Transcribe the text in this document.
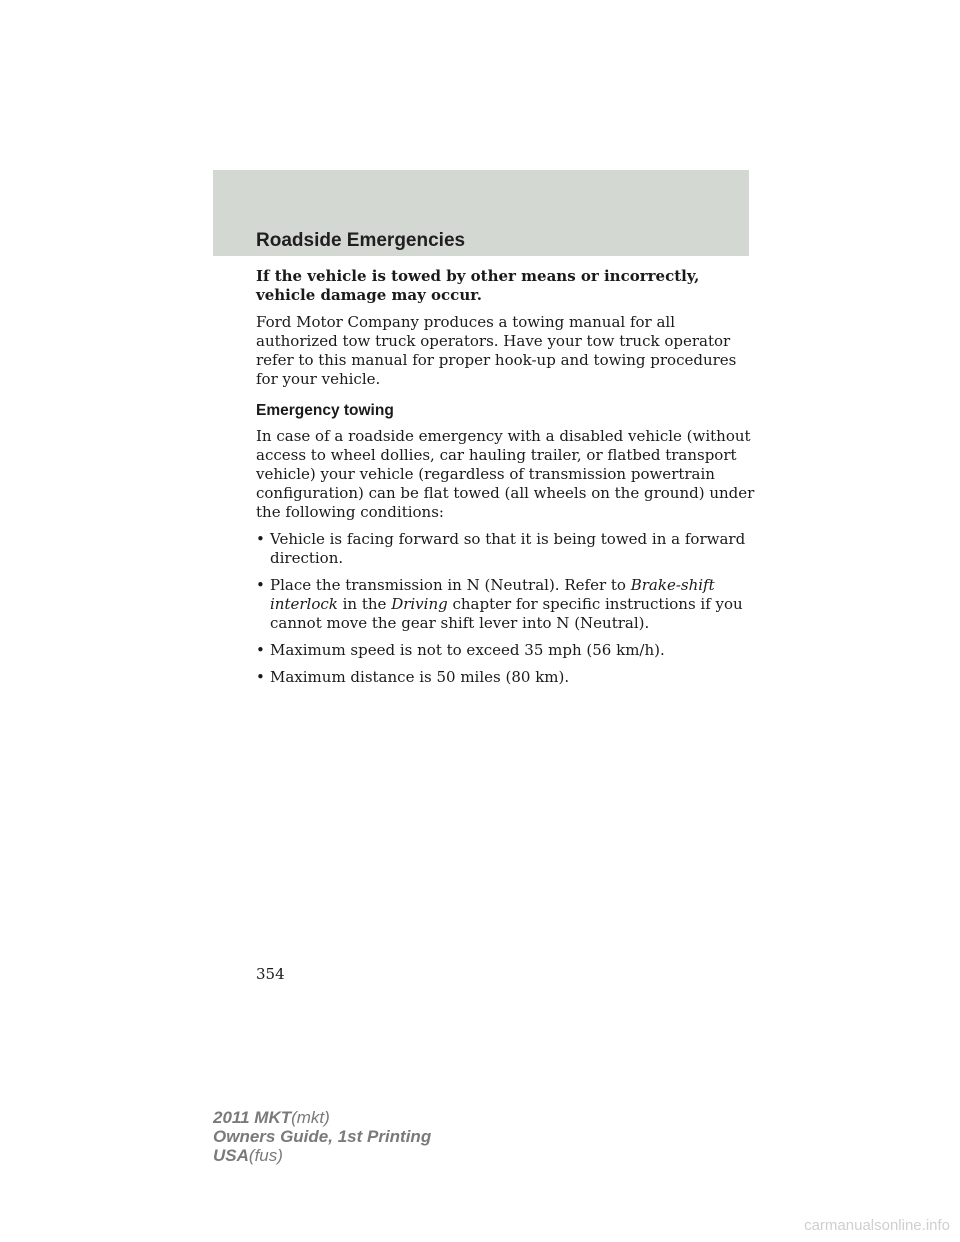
Roadside Emergencies

If the vehicle is towed by other means or incorrectly, vehicle damage may occur.

Ford Motor Company produces a towing manual for all authorized tow truck operators. Have your tow truck operator refer to this manual for proper hook-up and towing procedures for your vehicle.

Emergency towing

In case of a roadside emergency with a disabled vehicle (without access to wheel dollies, car hauling trailer, or flatbed transport vehicle) your vehicle (regardless of transmission powertrain configuration) can be flat towed (all wheels on the ground) under the following conditions:

• Vehicle is facing forward so that it is being towed in a forward direction.
• Place the transmission in N (Neutral). Refer to Brake-shift interlock in the Driving chapter for specific instructions if you cannot move the gear shift lever into N (Neutral).
• Maximum speed is not to exceed 35 mph (56 km/h).
• Maximum distance is 50 miles (80 km).
354
2011 MKT(mkt)
Owners Guide, 1st Printing
USA(fus)
carmanualsonline.info
